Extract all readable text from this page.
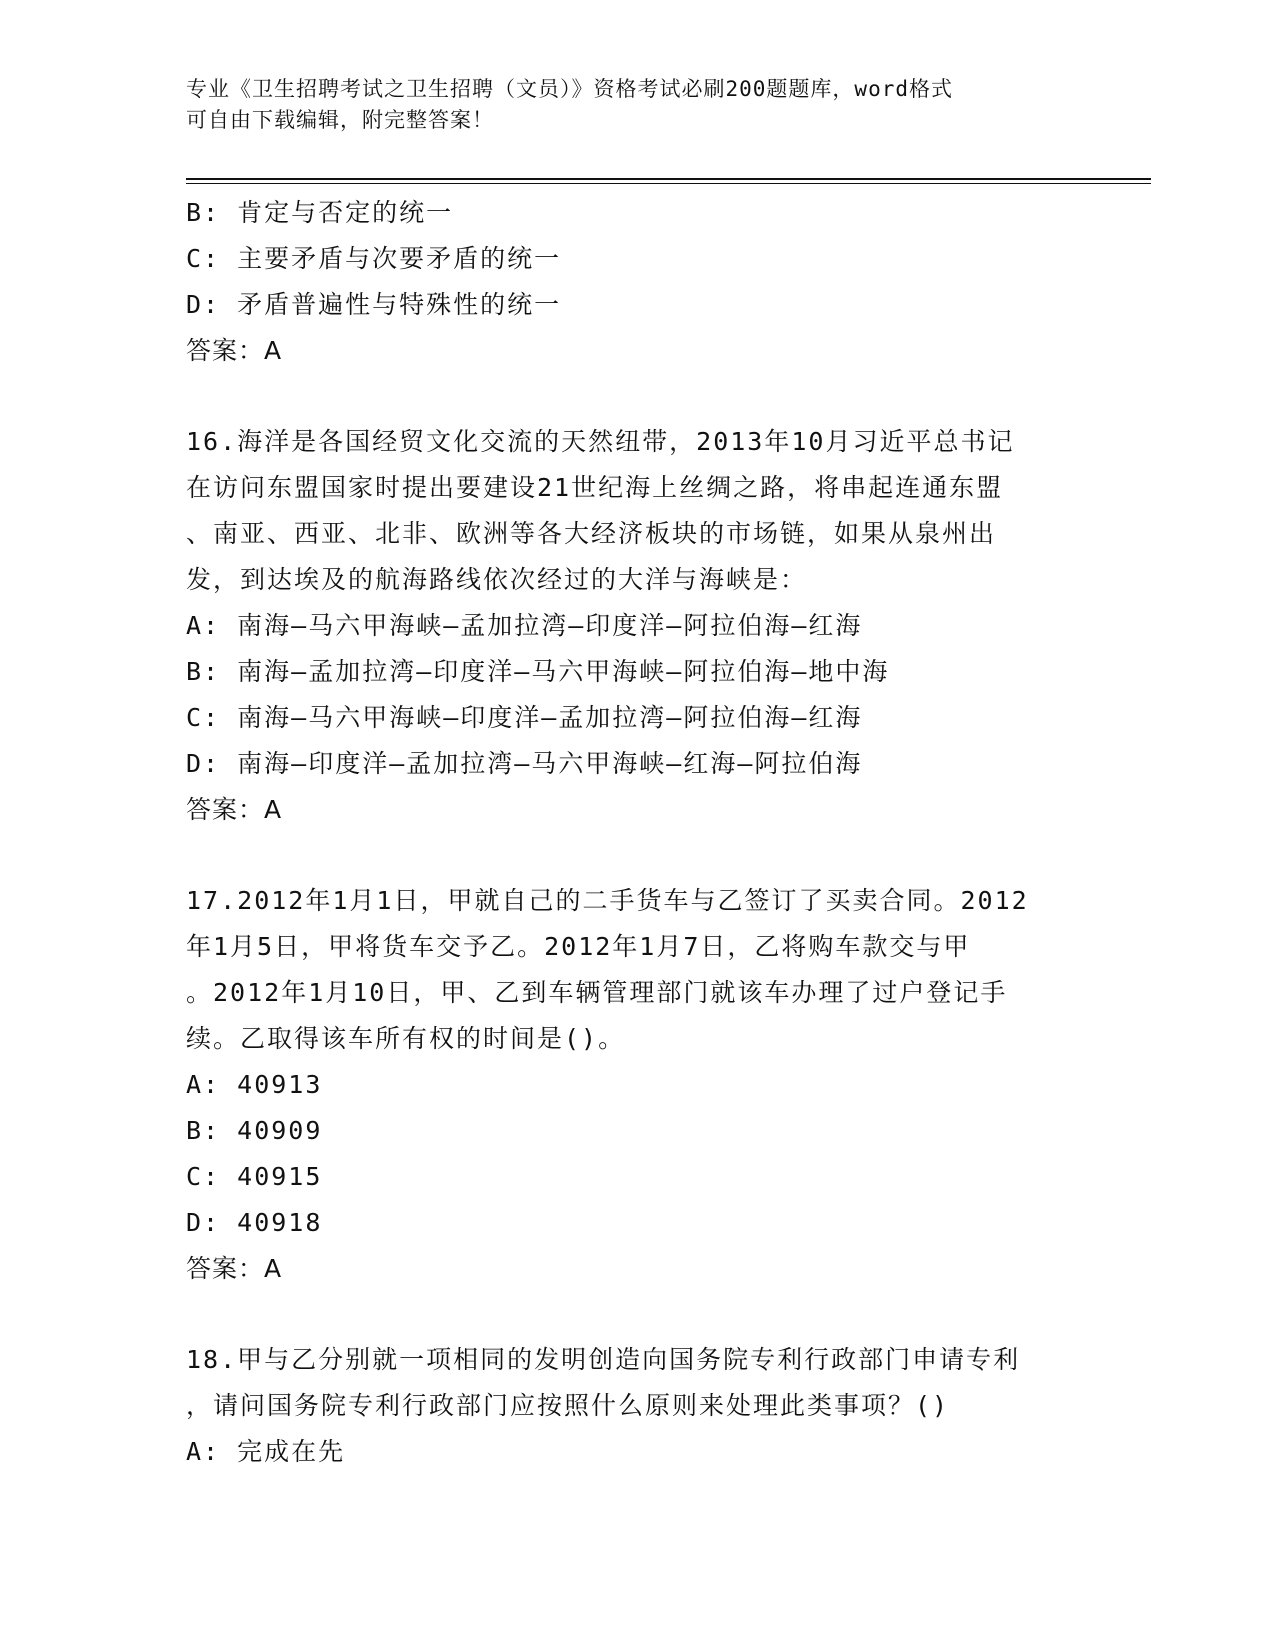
专业《卫生招聘考试之卫生招聘（文员）》资格考试必刷200题题库，word格式
可自由下载编辑，附完整答案！
B: 肯定与否定的统一
C: 主要矛盾与次要矛盾的统一
D: 矛盾普遍性与特殊性的统一
答案：A
16.海洋是各国经贸文化交流的天然纽带，2013年10月习近平总书记
在访问东盟国家时提出要建设21世纪海上丝绸之路，将串起连通东盟
、南亚、西亚、北非、欧洲等各大经济板块的市场链，如果从泉州出
发，到达埃及的航海路线依次经过的大洋与海峡是：
A: 南海—马六甲海峡—孟加拉湾—印度洋—阿拉伯海—红海
B: 南海—孟加拉湾—印度洋—马六甲海峡—阿拉伯海—地中海
C: 南海—马六甲海峡—印度洋—孟加拉湾—阿拉伯海—红海
D: 南海—印度洋—孟加拉湾—马六甲海峡—红海—阿拉伯海
答案：A
17.2012年1月1日，甲就自己的二手货车与乙签订了买卖合同。2012
年1月5日，甲将货车交予乙。2012年1月7日，乙将购车款交与甲
。2012年1月10日，甲、乙到车辆管理部门就该车办理了过户登记手
续。乙取得该车所有权的时间是()。
A: 40913
B: 40909
C: 40915
D: 40918
答案：A
18.甲与乙分别就一项相同的发明创造向国务院专利行政部门申请专利
，请问国务院专利行政部门应按照什么原则来处理此类事项？()
A: 完成在先
